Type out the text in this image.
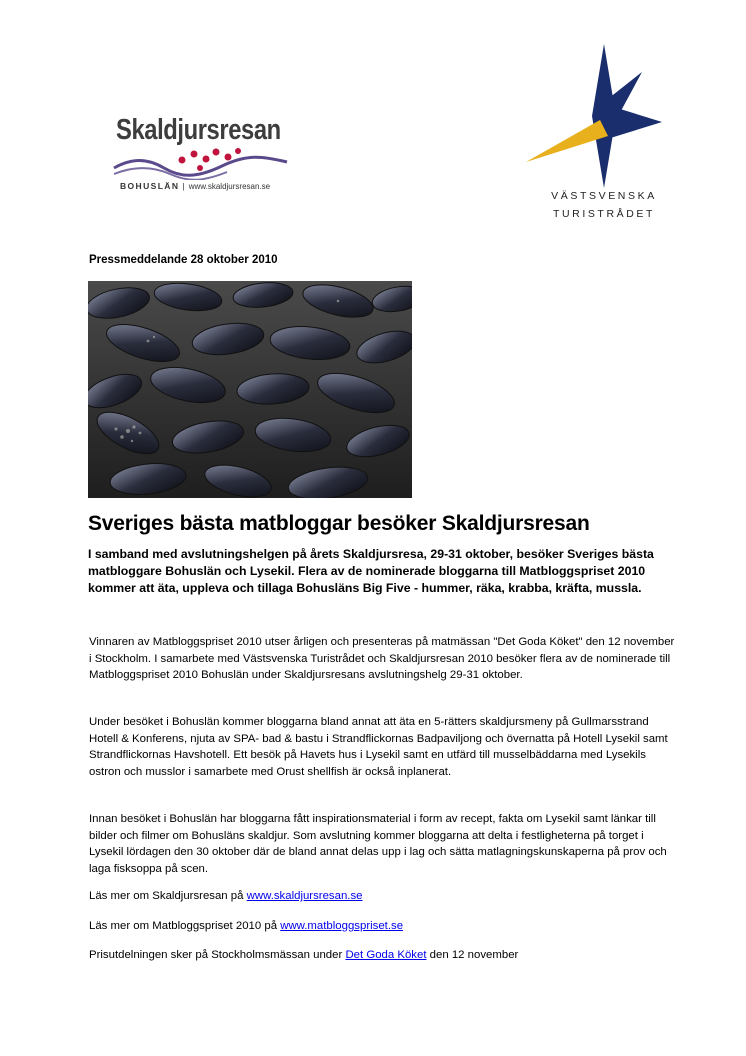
Skaldjursresan
BOHUSLÄN | www.skaldjursresan.se
VÄSTSVENSKA
TURISTRÅDET
Pressmeddelande 28 oktober 2010
Sveriges bästa matbloggar besöker Skaldjursresan
I samband med avslutningshelgen på årets Skaldjursresa, 29-31 oktober, besöker Sveriges bästa matbloggare Bohuslän och Lysekil. Flera av de nominerade bloggarna till Matbloggspriset 2010 kommer att äta, uppleva och tillaga Bohusläns Big Five - hummer, räka, krabba, kräfta, mussla.
Vinnaren av Matbloggspriset 2010 utser årligen och presenteras på matmässan "Det Goda Köket" den 12 november i Stockholm. I samarbete med Västsvenska Turistrådet och Skaldjursresan 2010 besöker flera av de nominerade till Matbloggspriset 2010 Bohuslän under Skaldjursresans avslutningshelg 29-31 oktober.
Under besöket i Bohuslän kommer bloggarna bland annat att äta en 5-rätters skaldjursmeny på Gullmarsstrand Hotell & Konferens, njuta av SPA- bad & bastu i Strandflickornas Badpaviljong och övernatta på Hotell Lysekil samt Strandflickornas Havshotell. Ett besök på Havets hus i Lysekil samt en utfärd till musselbäddarna med Lysekils ostron och musslor i samarbete med Orust shellfish är också inplanerat.
Innan besöket i Bohuslän har bloggarna fått inspirationsmaterial i form av recept, fakta om Lysekil samt länkar till bilder och filmer om Bohusläns skaldjur. Som avslutning kommer bloggarna att delta i festligheterna på torget i Lysekil lördagen den 30 oktober där de bland annat delas upp i lag och sätta matlagningskunskaperna på prov och laga fisksoppa på scen.
Läs mer om Skaldjursresan på www.skaldjursresan.se
Läs mer om Matbloggspriset 2010 på www.matbloggspriset.se
Prisutdelningen sker på Stockholmsmässan under Det Goda Köket den 12 november
